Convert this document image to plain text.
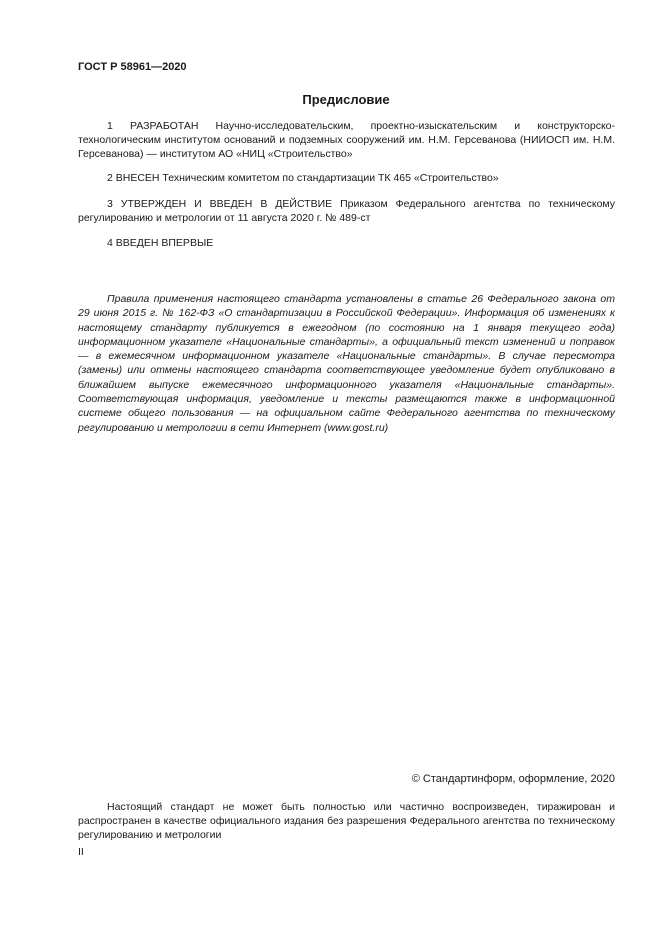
ГОСТ Р 58961—2020
Предисловие

1 РАЗРАБОТАН Научно-исследовательским, проектно-изыскательским и конструкторско-технологическим институтом оснований и подземных сооружений им. Н.М. Герсеванова (НИИОСП им. Н.М. Герсеванова) — институтом АО «НИЦ «Строительство»

2 ВНЕСЕН Техническим комитетом по стандартизации ТК 465 «Строительство»

3 УТВЕРЖДЕН И ВВЕДЕН В ДЕЙСТВИЕ Приказом Федерального агентства по техническому регулированию и метрологии от 11 августа 2020 г. № 489-ст

4 ВВЕДЕН ВПЕРВЫЕ

Правила применения настоящего стандарта установлены в статье 26 Федерального закона от 29 июня 2015 г. № 162-ФЗ «О стандартизации в Российской Федерации». Информация об изменениях к настоящему стандарту публикуется в ежегодном (по состоянию на 1 января текущего года) информационном указателе «Национальные стандарты», а официальный текст изменений и поправок — в ежемесячном информационном указателе «Национальные стандарты». В случае пересмотра (замены) или отмены настоящего стандарта соответствующее уведомление будет опубликовано в ближайшем выпуске ежемесячного информационного указателя «Национальные стандарты». Соответствующая информация, уведомление и тексты размещаются также в информационной системе общего пользования — на официальном сайте Федерального агентства по техническому регулированию и метрологии в сети Интернет (www.gost.ru)

© Стандартинформ, оформление, 2020

Настоящий стандарт не может быть полностью или частично воспроизведен, тиражирован и распространен в качестве официального издания без разрешения Федерального агентства по техническому регулированию и метрологии

II
